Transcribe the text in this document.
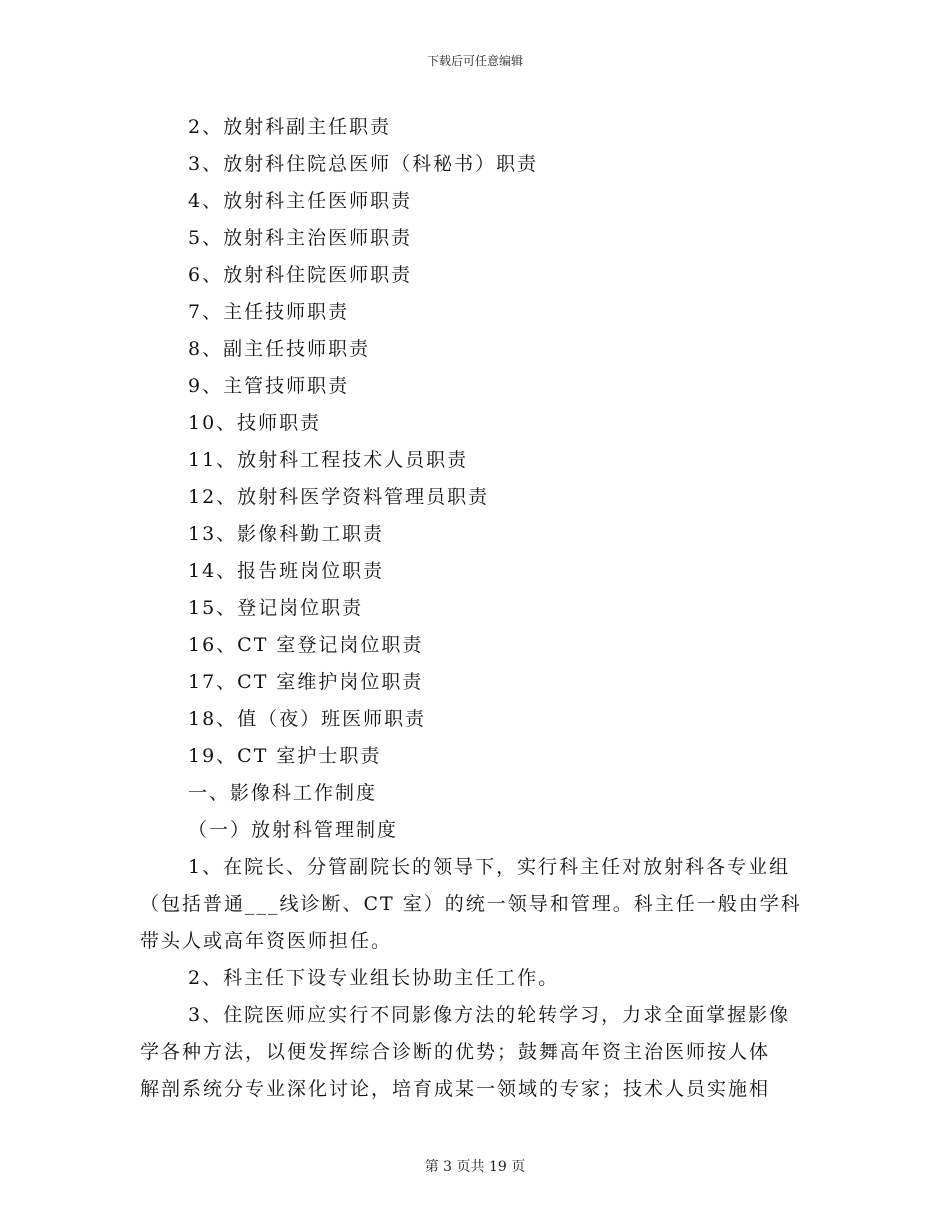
下载后可任意编辑
2、放射科副主任职责
3、放射科住院总医师（科秘书）职责
4、放射科主任医师职责
5、放射科主治医师职责
6、放射科住院医师职责
7、主任技师职责
8、副主任技师职责
9、主管技师职责
10、技师职责
11、放射科工程技术人员职责
12、放射科医学资料管理员职责
13、影像科勤工职责
14、报告班岗位职责
15、登记岗位职责
16、CT 室登记岗位职责
17、CT 室维护岗位职责
18、值（夜）班医师职责
19、CT 室护士职责
一、影像科工作制度
（一）放射科管理制度
1、在院长、分管副院长的领导下，实行科主任对放射科各专业组
（包括普通___线诊断、CT 室）的统一领导和管理。科主任一般由学科
带头人或高年资医师担任。
2、科主任下设专业组长协助主任工作。
3、住院医师应实行不同影像方法的轮转学习，力求全面掌握影像
学各种方法，以便发挥综合诊断的优势；鼓舞高年资主治医师按人体
解剖系统分专业深化讨论，培育成某一领域的专家；技术人员实施相
第 3 页共 19 页
